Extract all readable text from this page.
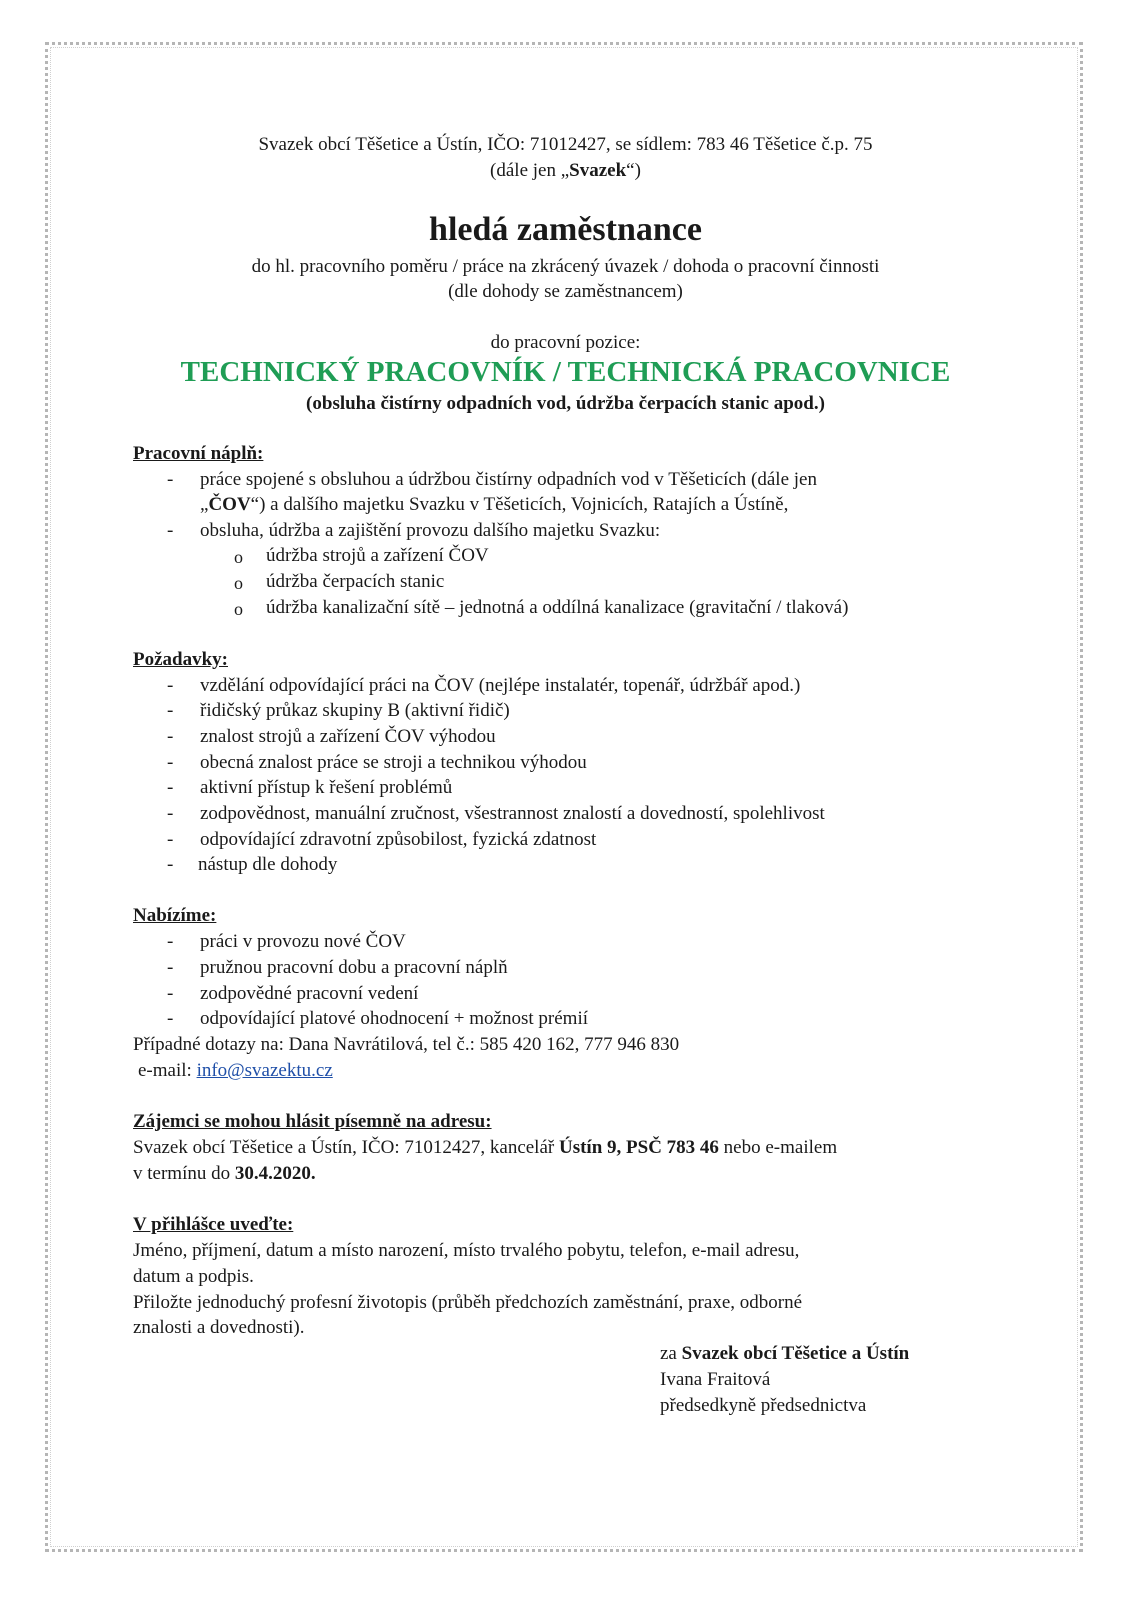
Svazek obcí Těšetice a Ústín, IČO: 71012427, se sídlem: 783 46 Těšetice č.p. 75
(dále jen „Svazek“)
hledá zaměstnance
do hl. pracovního poměru / práce na zkrácený úvazek / dohoda o pracovní činnosti
(dle dohody se zaměstnancem)
do pracovní pozice:
TECHNICKÝ PRACOVNÍK / TECHNICKÁ PRACOVNICE
(obsluha čistírny odpadních vod, údržba čerpacích stanic apod.)
Pracovní náplň:
- práce spojené s obsluhou a údržbou čistírny odpadních vod v Těšeticích (dále jen
„ČOV“) a dalšího majetku Svazku v Těšeticích, Vojnicích, Ratajích a Ústíně,
- obsluha, údržba a zajištění provozu dalšího majetku Svazku:
o údržba strojů a zařízení ČOV
o údržba čerpacích stanic
o údržba kanalizační sítě – jednotná a oddílná kanalizace (gravitační / tlaková)
Požadavky:
- vzdělání odpovídající práci na ČOV (nejlépe instalatér, topenář, údržbář apod.)
- řidičský průkaz skupiny B (aktivní řidič)
- znalost strojů a zařízení ČOV výhodou
- obecná znalost práce se stroji a technikou výhodou
- aktivní přístup k řešení problémů
- zodpovědnost, manuální zručnost, všestrannost znalostí a dovedností, spolehlivost
- odpovídající zdravotní způsobilost, fyzická zdatnost
- nástup dle dohody
Nabízíme:
- práci v provozu nové ČOV
- pružnou pracovní dobu a pracovní náplň
- zodpovědné pracovní vedení
- odpovídající platové ohodnocení + možnost prémií
Případné dotazy na: Dana Navrátilová, tel č.: 585 420 162, 777 946 830
e-mail: info@svazektu.cz
Zájemci se mohou hlásit písemně na adresu:
Svazek obcí Těšetice a Ústín, IČO: 71012427, kancelář Ústín 9, PSČ 783 46 nebo e-mailem
v termínu do 30.4.2020.
V přihlášce uveďte:
Jméno, příjmení, datum a místo narození, místo trvalého pobytu, telefon, e-mail adresu,
datum a podpis.
Přiložte jednoduchý profesní životopis (průběh předchozích zaměstnání, praxe, odborné
znalosti a dovednosti).
za Svazek obcí Těšetice a Ústín
Ivana Fraitová
předsedkyně předsednictva
